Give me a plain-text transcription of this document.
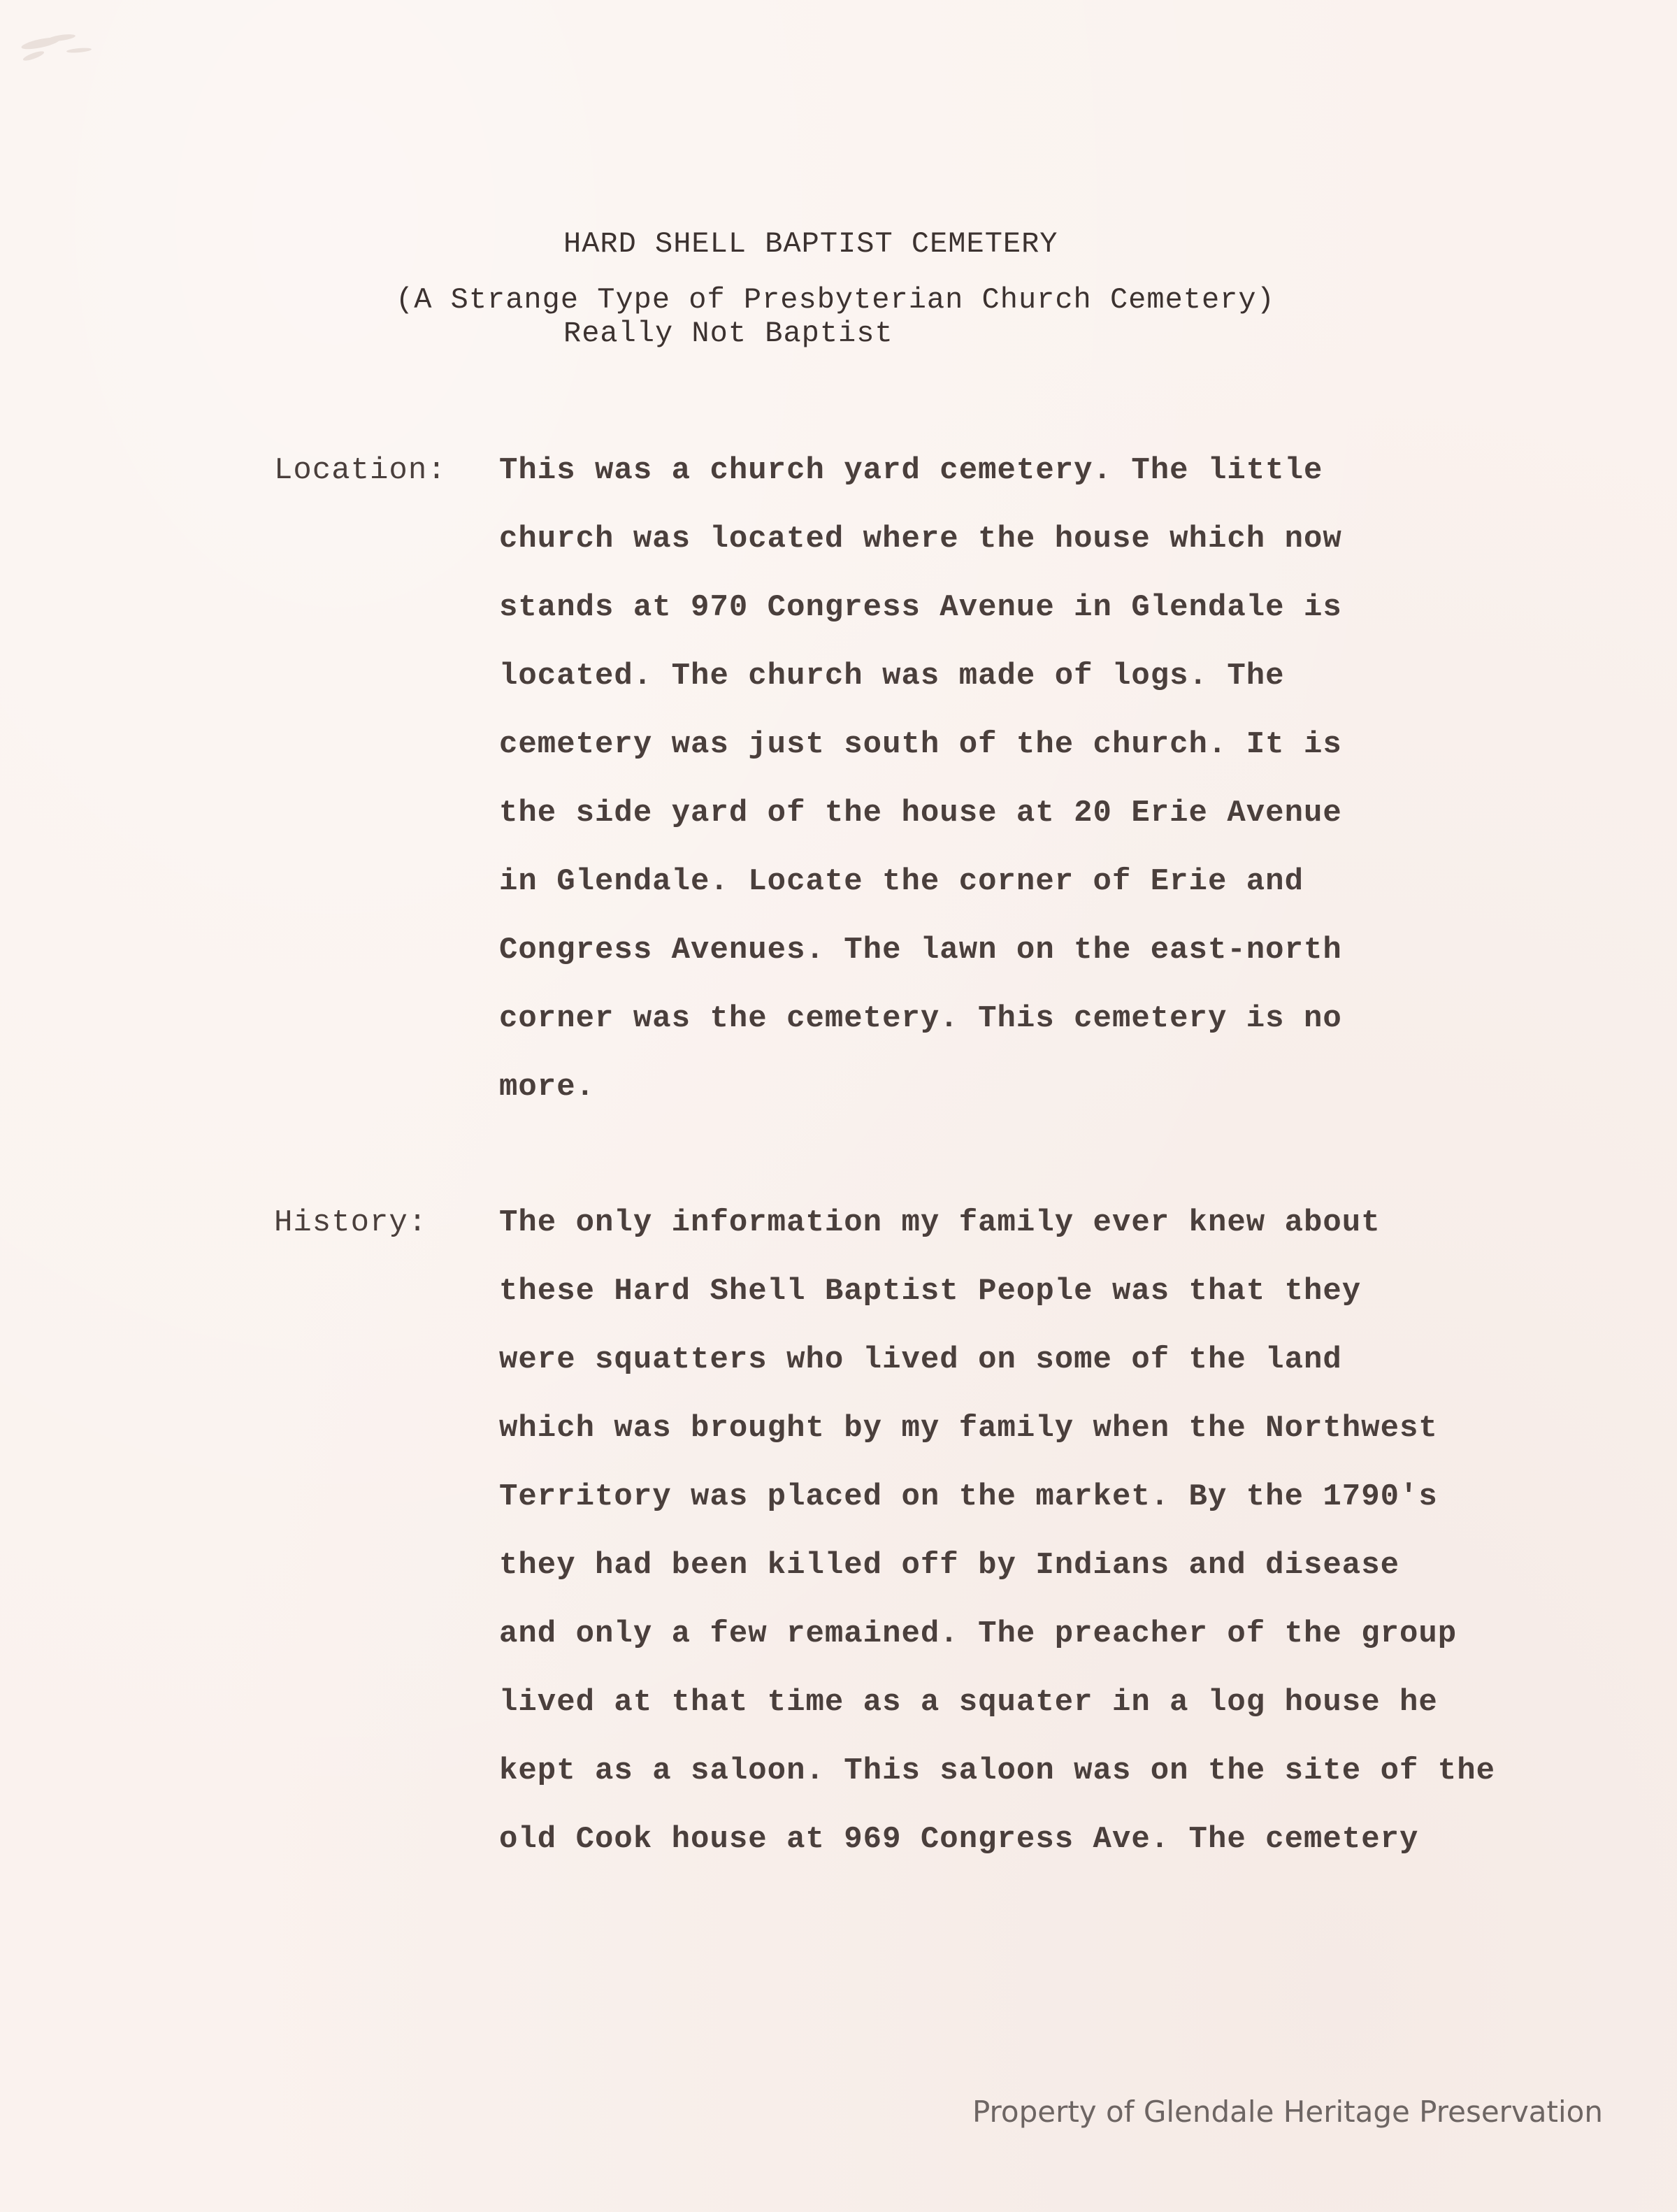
HARD SHELL BAPTIST CEMETERY

(A Strange Type of Presbyterian Church Cemetery)

Really Not Baptist

Location: This was a church yard cemetery. The little

church was located where the house which now

stands at 970 Congress Avenue in Glendale is

located. The church was made of logs. The

cemetery was just south of the church. It is

the side yard of the house at 20 Erie Avenue

in Glendale. Locate the corner of Erie and

Congress Avenues. The lawn on the east-north

corner was the cemetery. This cemetery is no

more.

History: The only information my family ever knew about

these Hard Shell Baptist People was that they

were squatters who lived on some of the land

which was brought by my family when the Northwest

Territory was placed on the market. By the 1790's

they had been killed off by Indians and disease

and only a few remained. The preacher of the group

lived at that time as a squater in a log house he

kept as a saloon. This saloon was on the site of the

old Cook house at 969 Congress Ave. The cemetery

Property of Glendale Heritage Preservation
